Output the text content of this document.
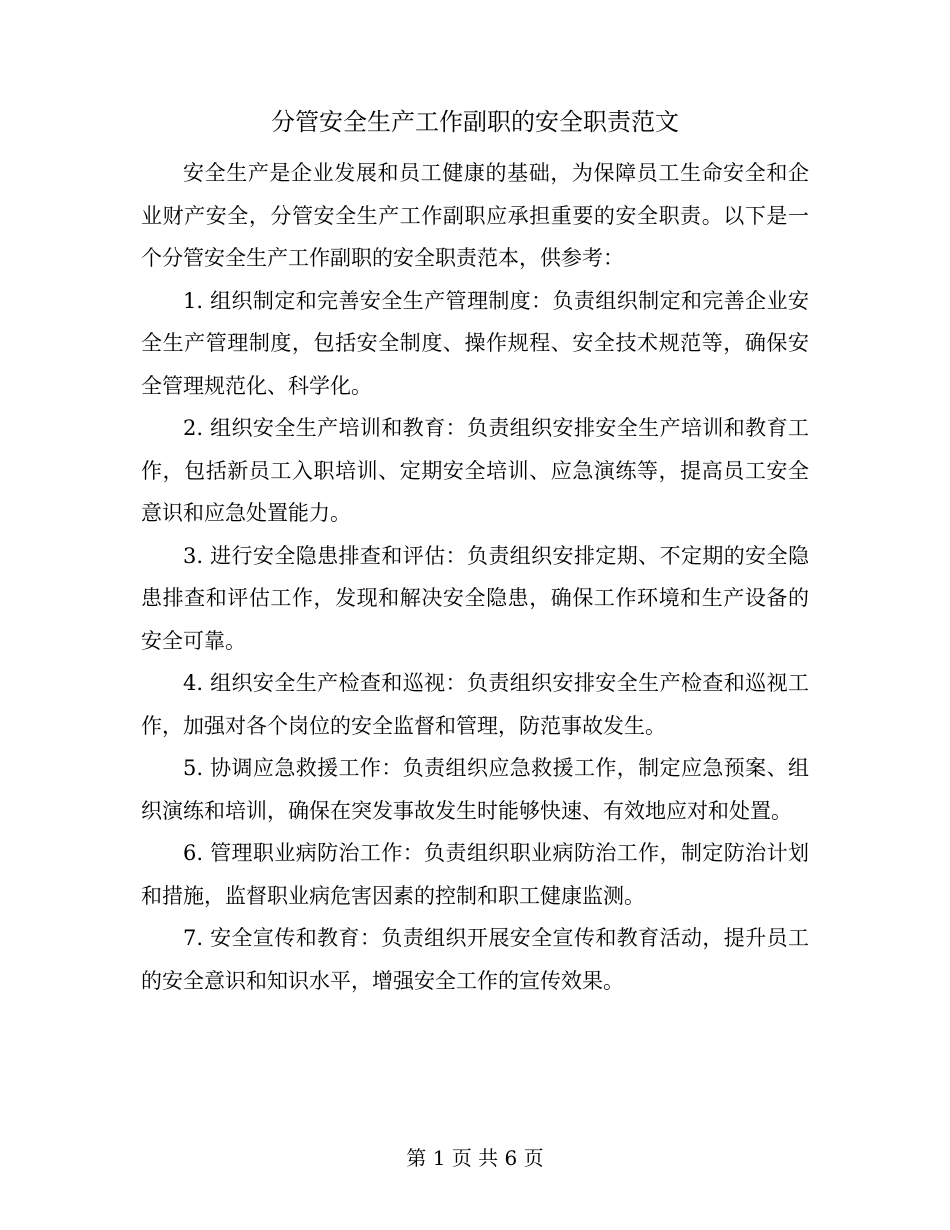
分管安全生产工作副职的安全职责范文

安全生产是企业发展和员工健康的基础，为保障员工生命安全和企业财产安全，分管安全生产工作副职应承担重要的安全职责。以下是一个分管安全生产工作副职的安全职责范本，供参考：

1. 组织制定和完善安全生产管理制度：负责组织制定和完善企业安全生产管理制度，包括安全制度、操作规程、安全技术规范等，确保安全管理规范化、科学化。

2. 组织安全生产培训和教育：负责组织安排安全生产培训和教育工作，包括新员工入职培训、定期安全培训、应急演练等，提高员工安全意识和应急处置能力。

3. 进行安全隐患排查和评估：负责组织安排定期、不定期的安全隐患排查和评估工作，发现和解决安全隐患，确保工作环境和生产设备的安全可靠。

4. 组织安全生产检查和巡视：负责组织安排安全生产检查和巡视工作，加强对各个岗位的安全监督和管理，防范事故发生。

5. 协调应急救援工作：负责组织应急救援工作，制定应急预案、组织演练和培训，确保在突发事故发生时能够快速、有效地应对和处置。

6. 管理职业病防治工作：负责组织职业病防治工作，制定防治计划和措施，监督职业病危害因素的控制和职工健康监测。

7. 安全宣传和教育：负责组织开展安全宣传和教育活动，提升员工的安全意识和知识水平，增强安全工作的宣传效果。

第 1 页 共 6 页
